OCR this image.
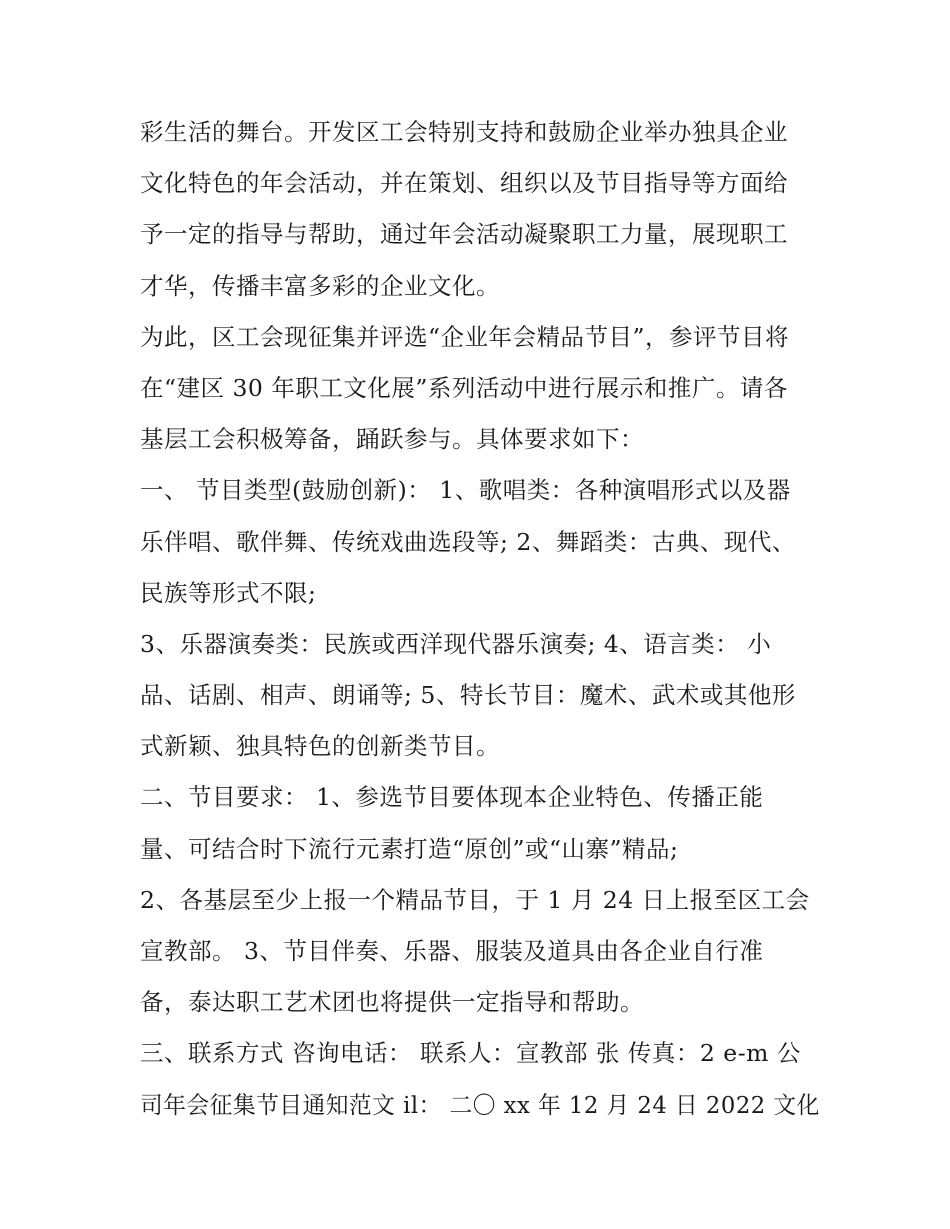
彩生活的舞台。开发区工会特别支持和鼓励企业举办独具企业
文化特色的年会活动，并在策划、组织以及节目指导等方面给
予一定的指导与帮助，通过年会活动凝聚职工力量，展现职工
才华，传播丰富多彩的企业文化。
为此，区工会现征集并评选“企业年会精品节目”，参评节目将
在“建区 30 年职工文化展”系列活动中进行展示和推广。请各
基层工会积极筹备，踊跃参与。具体要求如下：
一、 节目类型(鼓励创新)： 1、歌唱类：各种演唱形式以及器
乐伴唱、歌伴舞、传统戏曲选段等; 2、舞蹈类：古典、现代、
民族等形式不限;
3、乐器演奏类：民族或西洋现代器乐演奏; 4、语言类： 小
品、话剧、相声、朗诵等; 5、特长节目：魔术、武术或其他形
式新颖、独具特色的创新类节目。
二、节目要求： 1、参选节目要体现本企业特色、传播正能
量、可结合时下流行元素打造“原创”或“山寨”精品;
2、各基层至少上报一个精品节目，于 1 月 24 日上报至区工会
宣教部。 3、节目伴奏、乐器、服装及道具由各企业自行准
备，泰达职工艺术团也将提供一定指导和帮助。
三、联系方式 咨询电话： 联系人：宣教部 张 传真：2 e-m 公
司年会征集节目通知范文 il： 二〇 xx 年 12 月 24 日 2022 文化
